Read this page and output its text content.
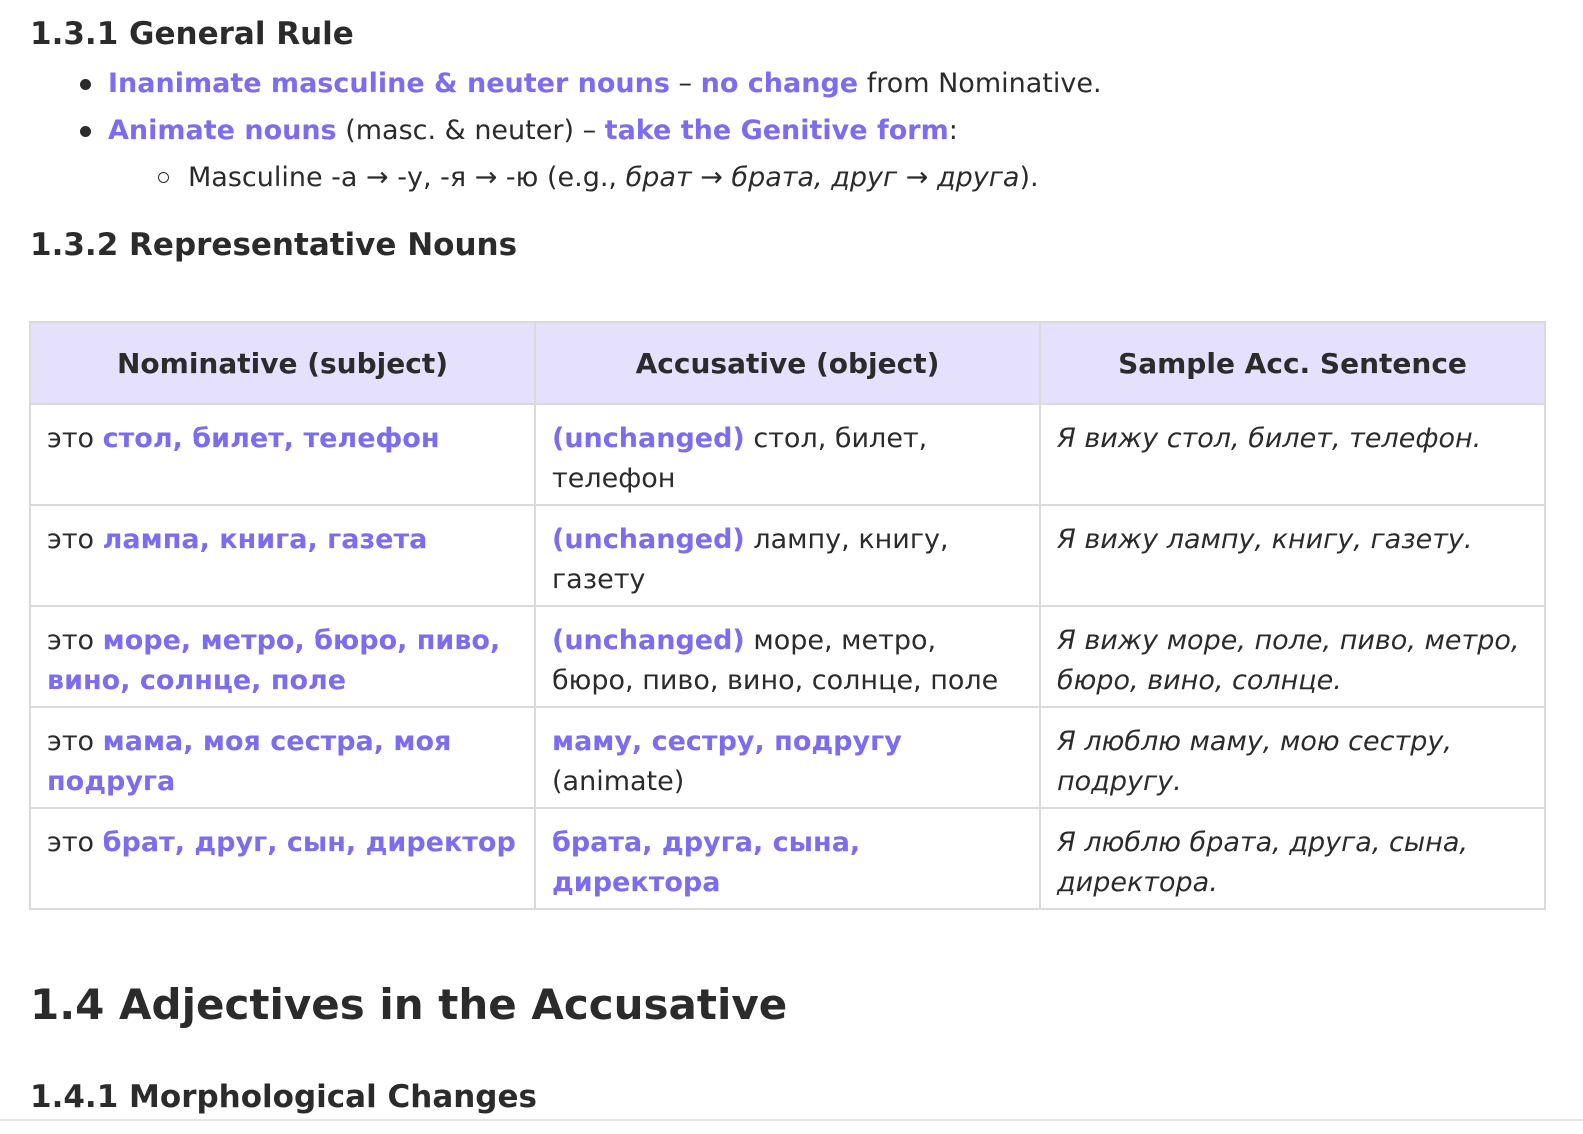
1.3.1 General Rule
Inanimate masculine & neuter nouns – no change from Nominative.
Animate nouns (masc. & neuter) – take the Genitive form:
Masculine -а → -у, -я → -ю (e.g., брат → брата, друг → друга).
1.3.2 Representative Nouns
Nominative (subject)	Accusative (object)	Sample Acc. Sentence
это стол, билет, телефон	(unchanged) стол, билет, телефон	Я вижу стол, билет, телефон.
это лампа, книга, газета	(unchanged) лампу, книгу, газету	Я вижу лампу, книгу, газету.
это море, метро, бюро, пиво, вино, солнце, поле	(unchanged) море, метро, бюро, пиво, вино, солнце, поле	Я вижу море, поле, пиво, метро, бюро, вино, солнце.
это мама, моя сестра, моя подруга	маму, сестру, подругу (animate)	Я люблю маму, мою сестру, подругу.
это брат, друг, сын, директор	брата, друга, сына, директора	Я люблю брата, друга, сына, директора.
1.4 Adjectives in the Accusative
1.4.1 Morphological Changes
